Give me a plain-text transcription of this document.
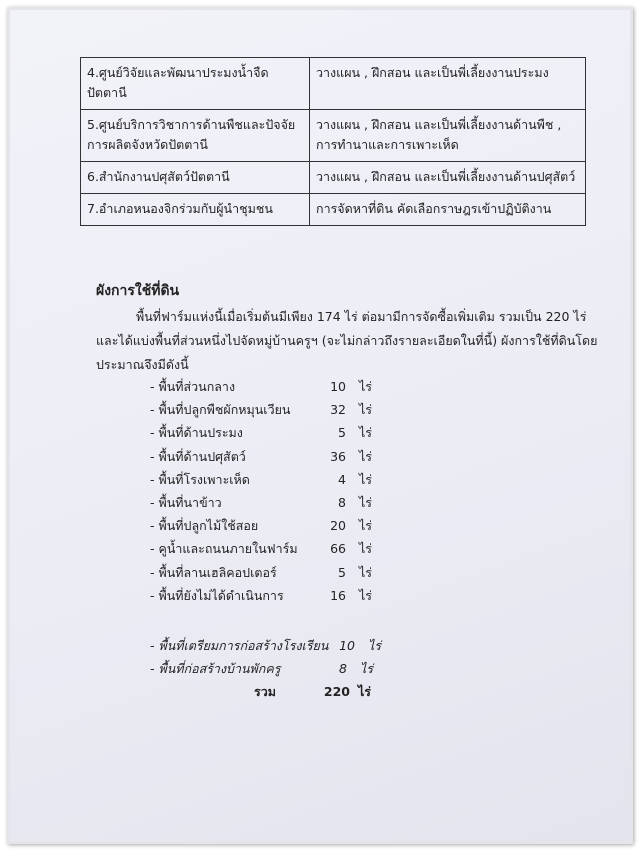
4.ศูนย์วิจัยและพัฒนาประมงน้ำจืดปัตตานี	วางแผน , ฝึกสอน และเป็นพี่เลี้ยงงานประมง
5.ศูนย์บริการวิชาการด้านพืชและปัจจัยการผลิตจังหวัดปัตตานี	วางแผน , ฝึกสอน และเป็นพี่เลี้ยงงานด้านพืช , การทำนาและการเพาะเห็ด
6.สำนักงานปศุสัตว์ปัตตานี	วางแผน , ฝึกสอน และเป็นพี่เลี้ยงงานด้านปศุสัตว์
7.อำเภอหนองจิกร่วมกับผู้นำชุมชน	การจัดหาที่ดิน คัดเลือกราษฎรเข้าปฏิบัติงาน
ผังการใช้ที่ดิน
พื้นที่ฟาร์มแห่งนี้เมื่อเริ่มต้นมีเพียง 174 ไร่ ต่อมามีการจัดซื้อเพิ่มเติม รวมเป็น 220 ไร่ และได้แบ่งพื้นที่ส่วนหนึ่งไปจัดหมู่บ้านครูฯ (จะไม่กล่าวถึงรายละเอียดในที่นี้) ผังการใช้ที่ดินโดยประมาณจึงมีดังนี้
- พื้นที่ส่วนกลาง	10 ไร่
- พื้นที่ปลูกพืชผักหมุนเวียน	32 ไร่
- พื้นที่ด้านประมง	5 ไร่
- พื้นที่ด้านปศุสัตว์	36 ไร่
- พื้นที่โรงเพาะเห็ด	4 ไร่
- พื้นที่นาข้าว	8 ไร่
- พื้นที่ปลูกไม้ใช้สอย	20 ไร่
- คูน้ำและถนนภายในฟาร์ม	66 ไร่
- พื้นที่ลานเฮลิคอปเตอร์	5 ไร่
- พื้นที่ยังไม่ได้ดำเนินการ	16 ไร่
- พื้นที่เตรียมการก่อสร้างโรงเรียน 10 ไร่
- พื้นที่ก่อสร้างบ้านพักครู	8 ไร่
รวม	220 ไร่
